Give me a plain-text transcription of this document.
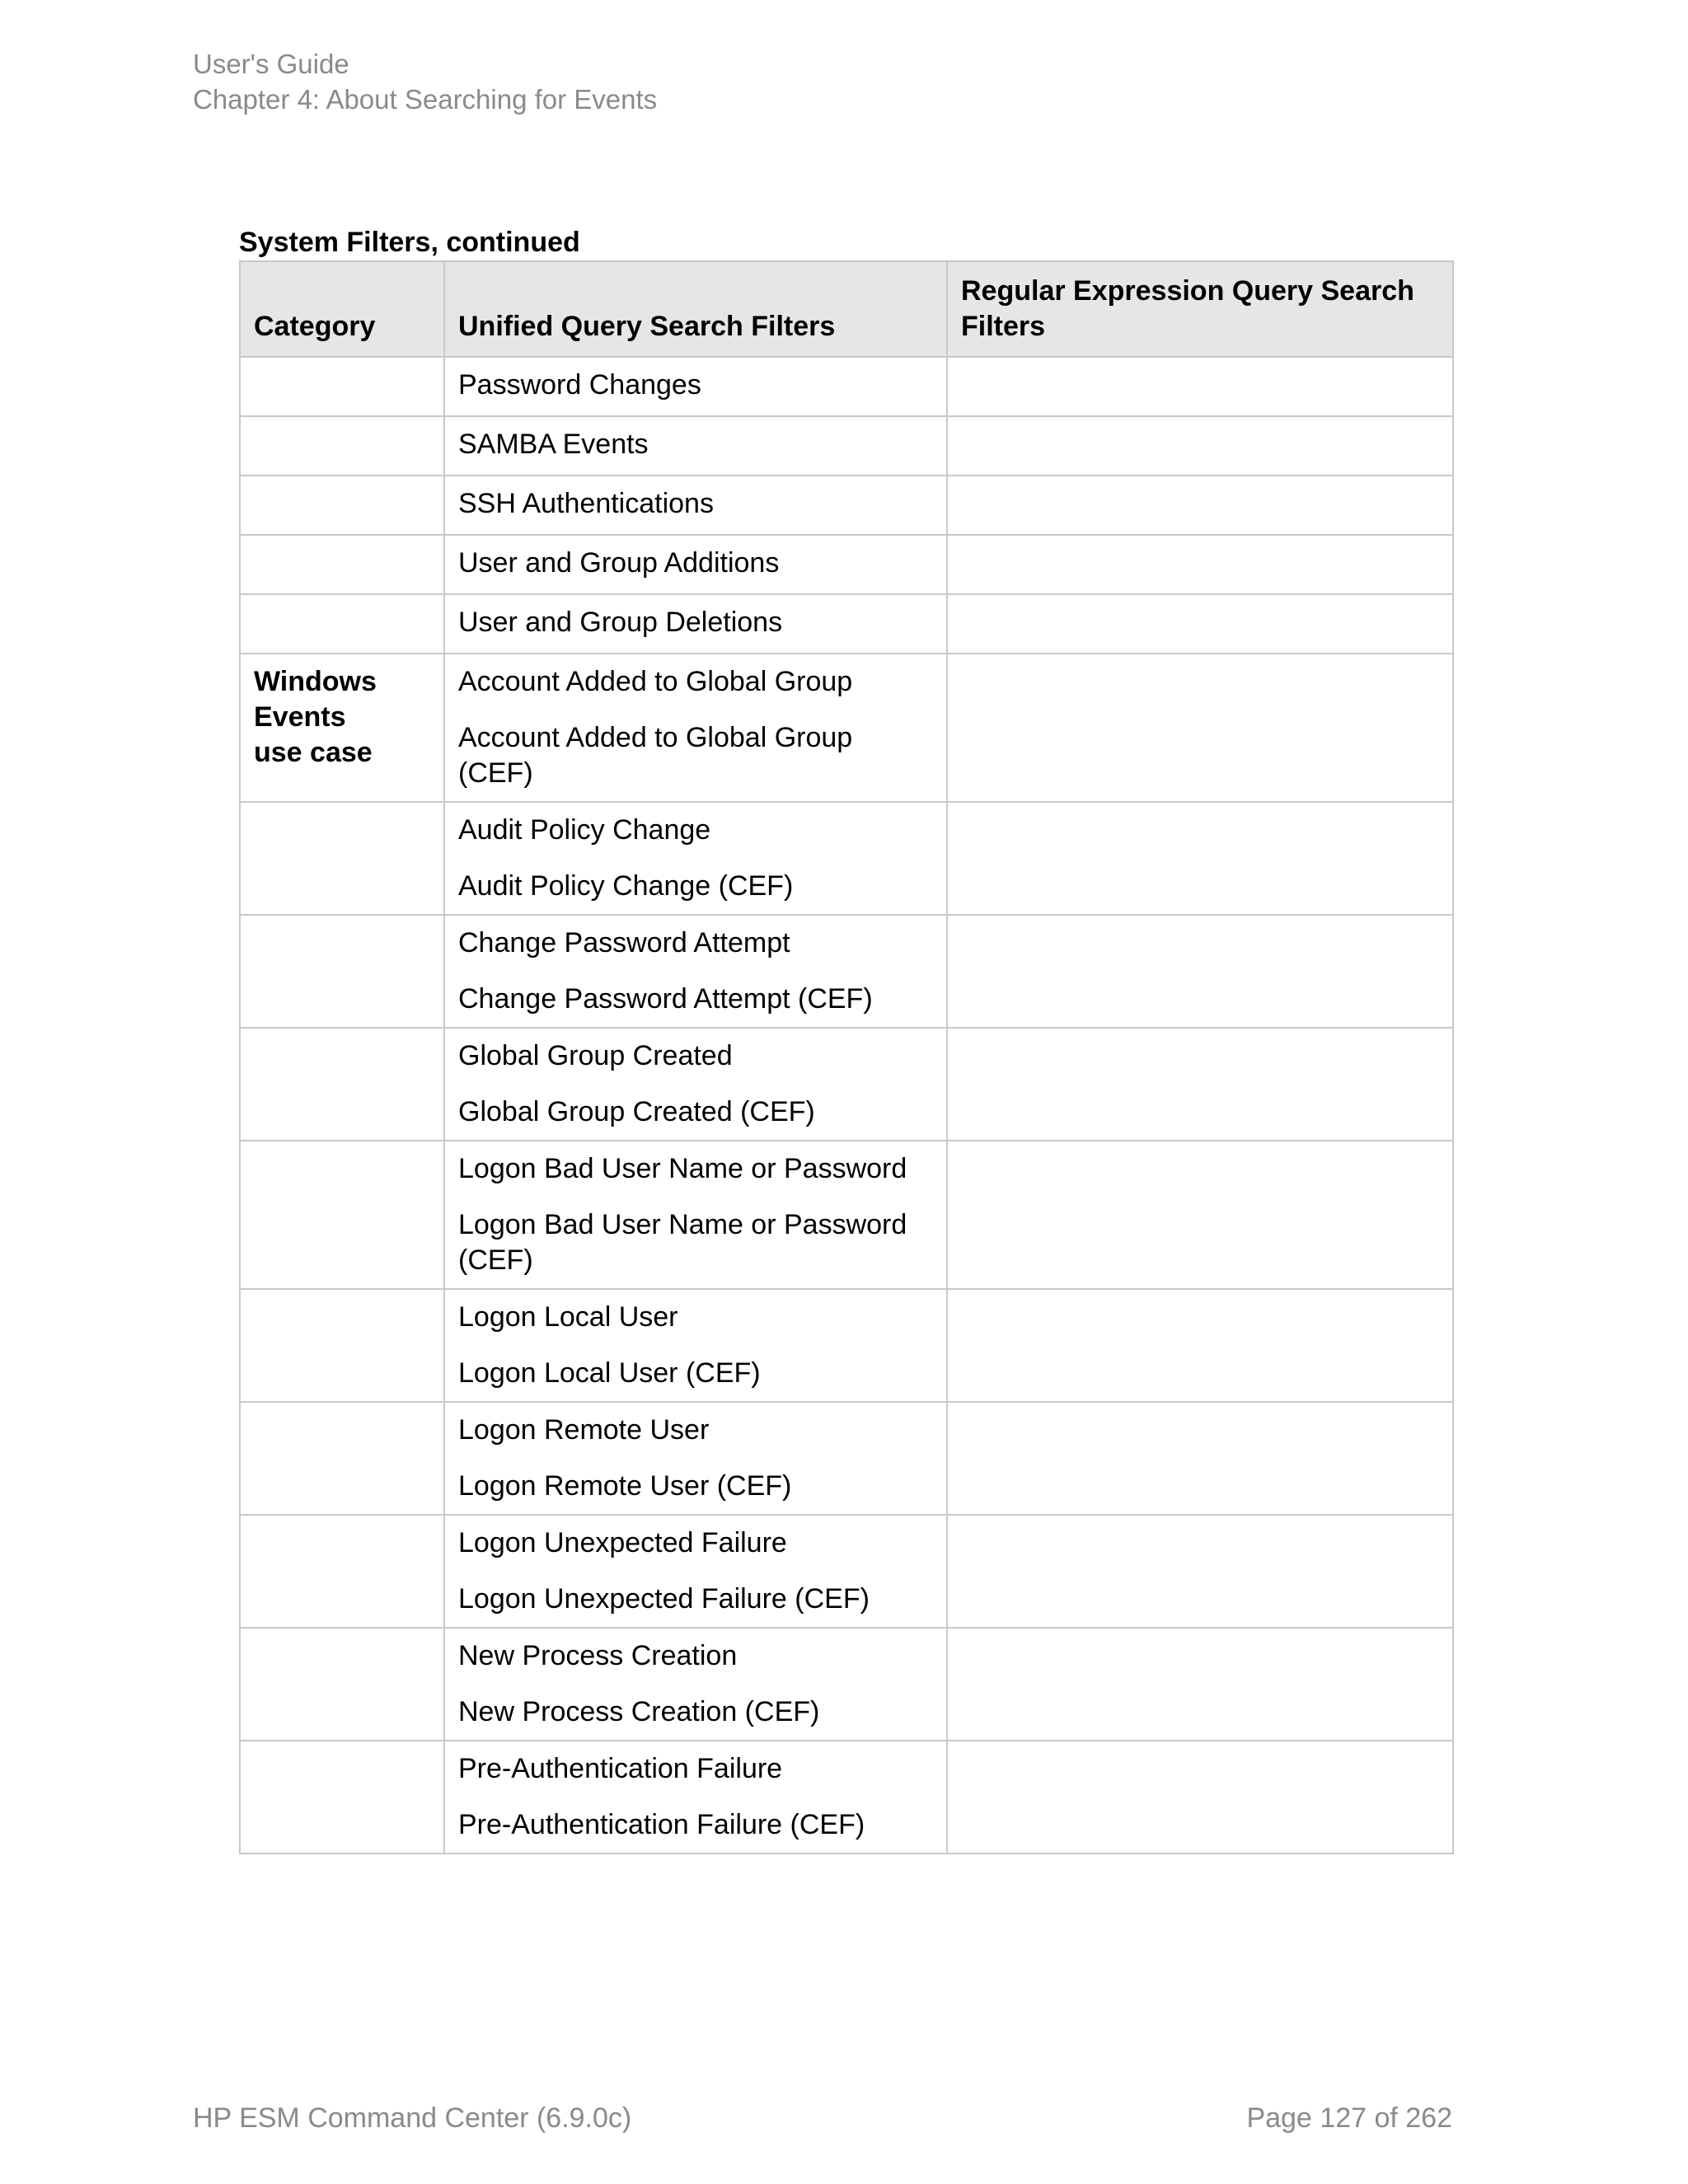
User's Guide
Chapter 4: About Searching for Events
System Filters, continued
Category	Unified Query Search Filters	Regular Expression Query Search Filters

	Password Changes	

	SAMBA Events	

	SSH Authentications	

	User and Group Additions	

	User and Group Deletions	

Windows
Events
use case	Account Added to Global Group
Account Added to Global Group (CEF)	

	Audit Policy Change
Audit Policy Change (CEF)	

	Change Password Attempt
Change Password Attempt (CEF)	

	Global Group Created
Global Group Created (CEF)	

	Logon Bad User Name or Password
Logon Bad User Name or Password (CEF)	

	Logon Local User
Logon Local User (CEF)	

	Logon Remote User
Logon Remote User (CEF)	

	Logon Unexpected Failure
Logon Unexpected Failure (CEF)	

	New Process Creation
New Process Creation (CEF)	

	Pre-Authentication Failure
Pre-Authentication Failure (CEF)	

HP ESM Command Center (6.9.0c)	Page 127 of 262
